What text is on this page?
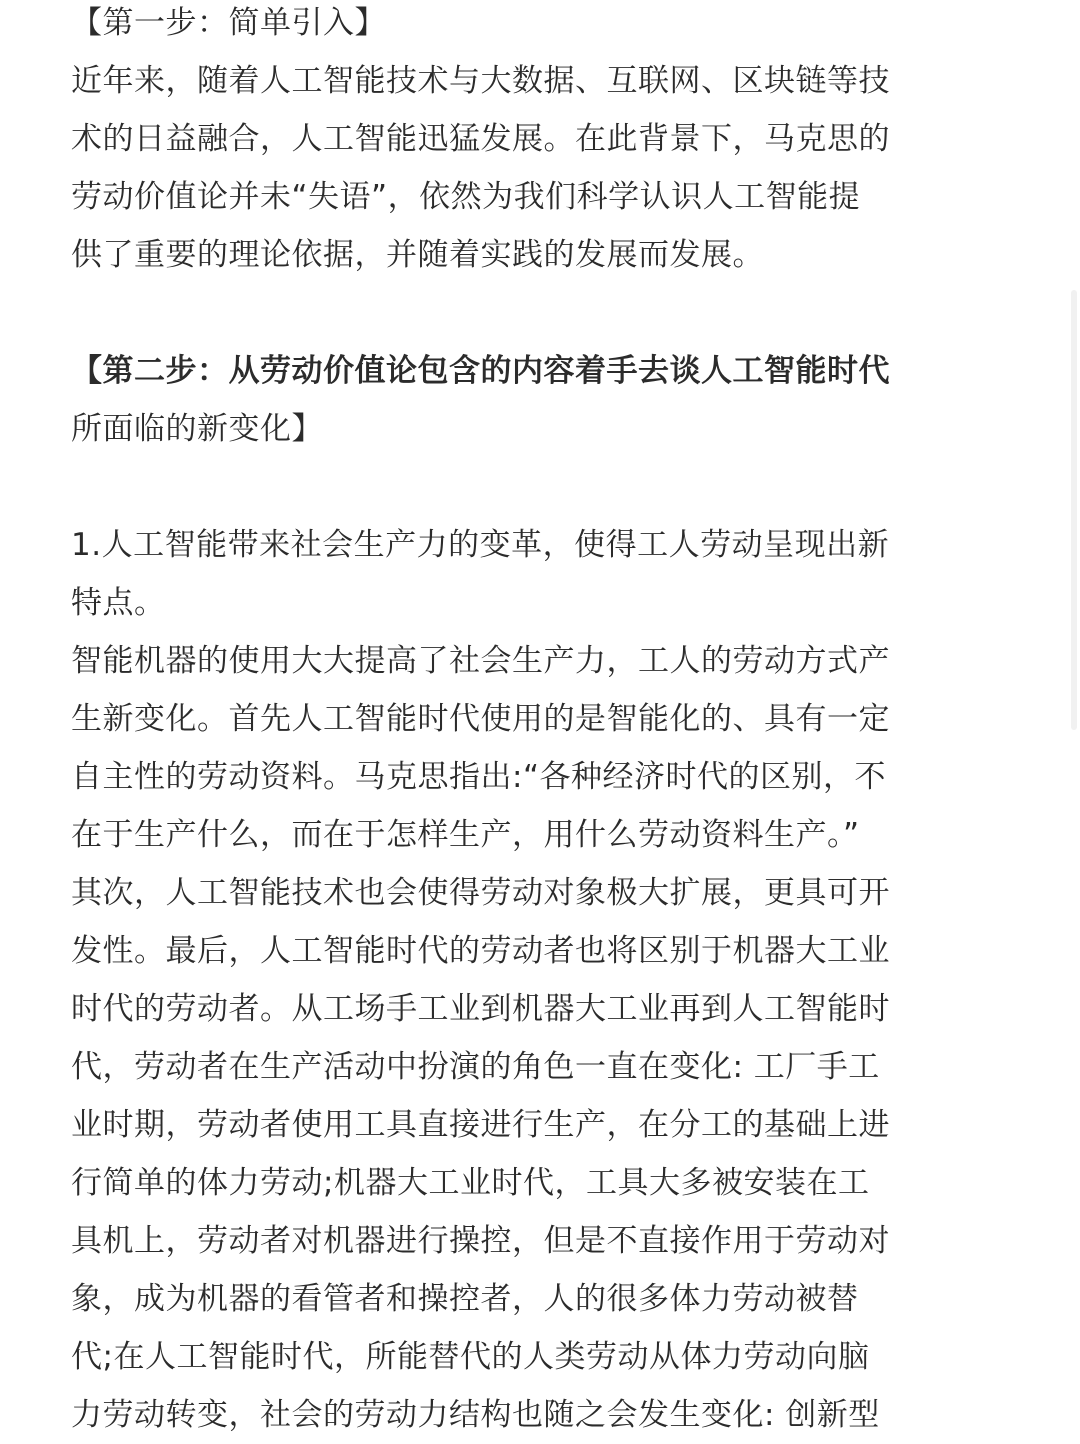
【第一步：简单引入】
近年来，随着人工智能技术与大数据、互联网、区块链等技
术的日益融合，人工智能迅猛发展。在此背景下，马克思的
劳动价值论并未“失语”，依然为我们科学认识人工智能提
供了重要的理论依据，并随着实践的发展而发展。
【第二步：从劳动价值论包含的内容着手去谈人工智能时代
所面临的新变化】
1.人工智能带来社会生产力的变革，使得工人劳动呈现出新
特点。
智能机器的使用大大提高了社会生产力，工人的劳动方式产
生新变化。首先人工智能时代使用的是智能化的、具有一定
自主性的劳动资料。马克思指出:“各种经济时代的区别，不
在于生产什么，而在于怎样生产，用什么劳动资料生产。”
其次，人工智能技术也会使得劳动对象极大扩展，更具可开
发性。最后，人工智能时代的劳动者也将区别于机器大工业
时代的劳动者。从工场手工业到机器大工业再到人工智能时
代，劳动者在生产活动中扮演的角色一直在变化: 工厂手工
业时期，劳动者使用工具直接进行生产，在分工的基础上进
行简单的体力劳动;机器大工业时代，工具大多被安装在工
具机上，劳动者对机器进行操控，但是不直接作用于劳动对
象，成为机器的看管者和操控者，人的很多体力劳动被替
代;在人工智能时代，所能替代的人类劳动从体力劳动向脑
力劳动转变，社会的劳动力结构也随之会发生变化: 创新型
